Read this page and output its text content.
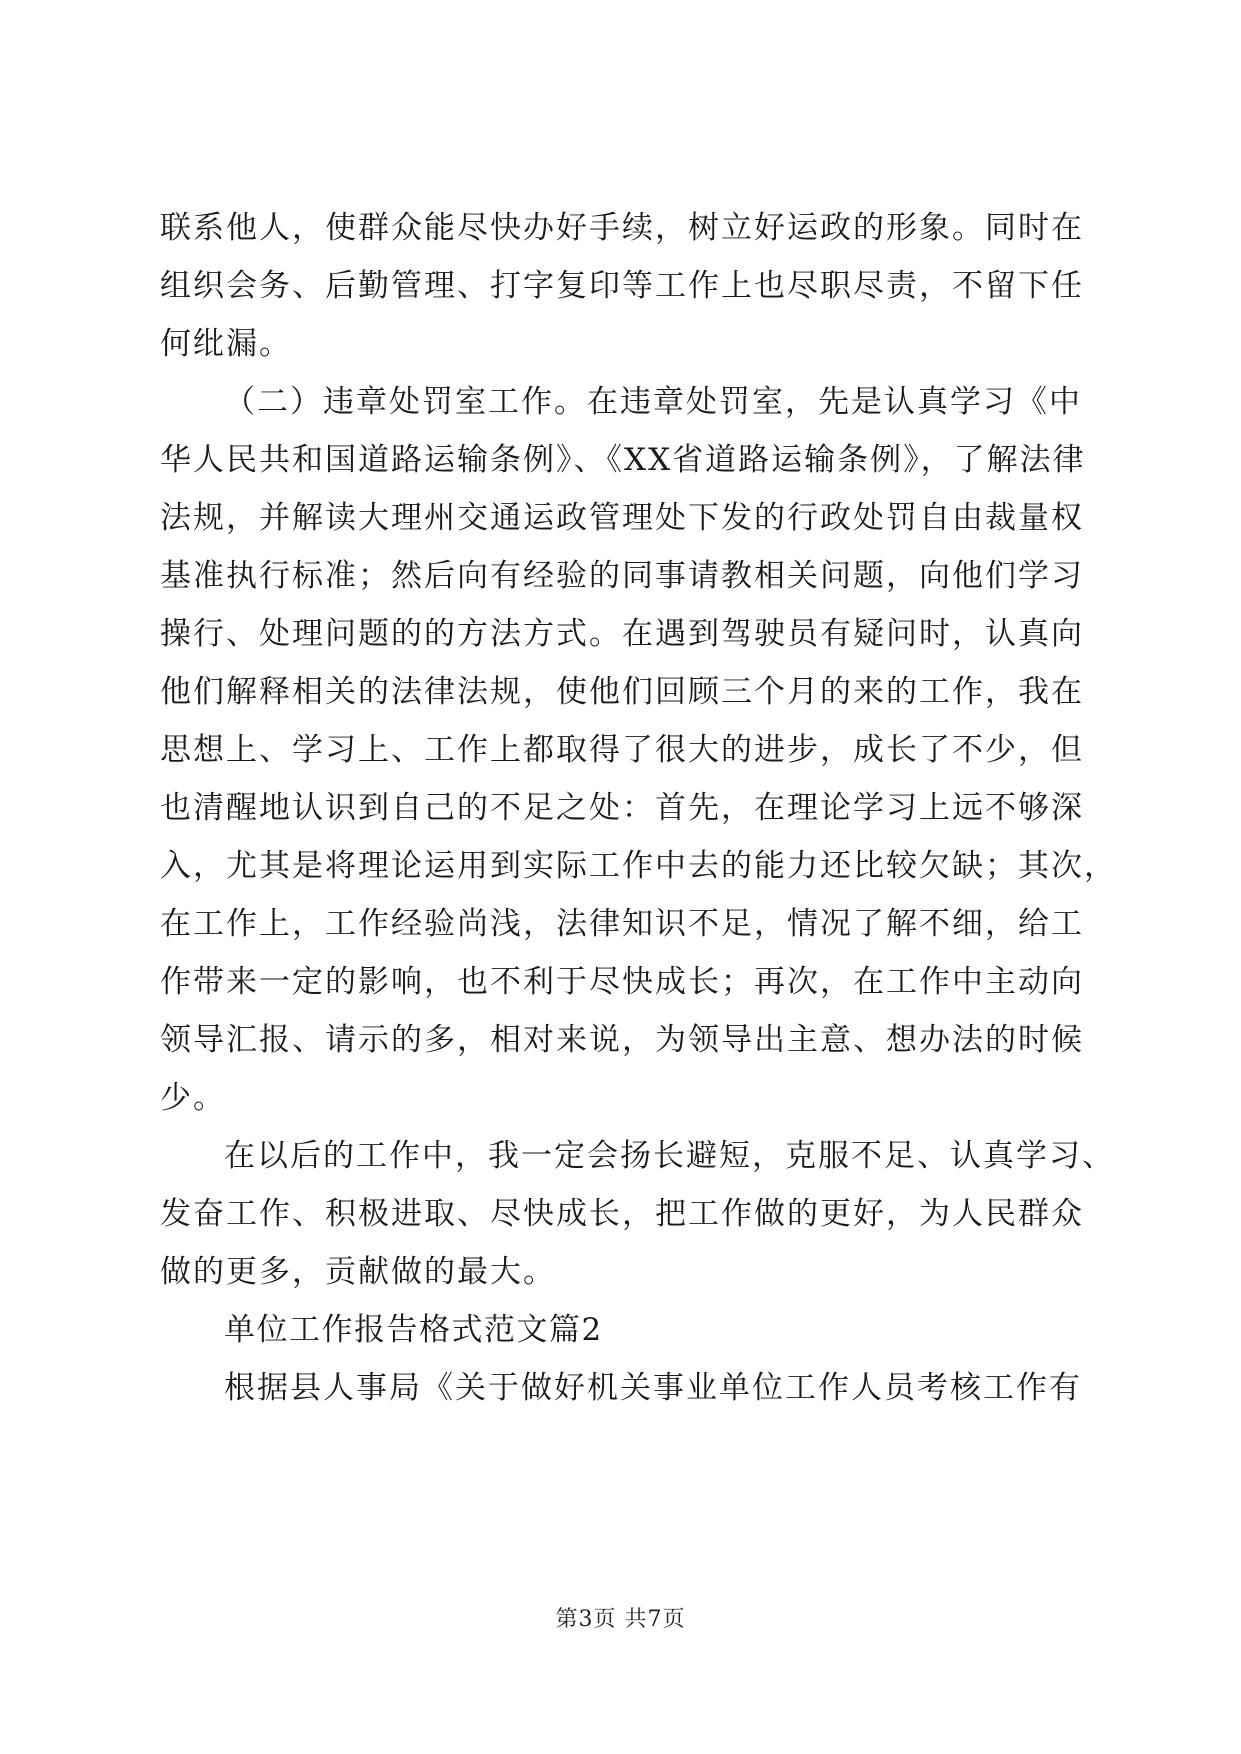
联系他人，使群众能尽快办好手续，树立好运政的形象。同时在
组织会务、后勤管理、打字复印等工作上也尽职尽责，不留下任
何纰漏。
（二）违章处罚室工作。在违章处罚室，先是认真学习《中
华人民共和国道路运输条例》、《XX省道路运输条例》，了解法律
法规，并解读大理州交通运政管理处下发的行政处罚自由裁量权
基准执行标准；然后向有经验的同事请教相关问题，向他们学习
操行、处理问题的的方法方式。在遇到驾驶员有疑问时，认真向
他们解释相关的法律法规，使他们回顾三个月的来的工作，我在
思想上、学习上、工作上都取得了很大的进步，成长了不少，但
也清醒地认识到自己的不足之处：首先，在理论学习上远不够深
入，尤其是将理论运用到实际工作中去的能力还比较欠缺；其次，
在工作上，工作经验尚浅，法律知识不足，情况了解不细，给工
作带来一定的影响，也不利于尽快成长；再次，在工作中主动向
领导汇报、请示的多，相对来说，为领导出主意、想办法的时候
少。
在以后的工作中，我一定会扬长避短，克服不足、认真学习、
发奋工作、积极进取、尽快成长，把工作做的更好，为人民群众
做的更多，贡献做的最大。
单位工作报告格式范文篇2
根据县人事局《关于做好机关事业单位工作人员考核工作有
第3页 共7页
